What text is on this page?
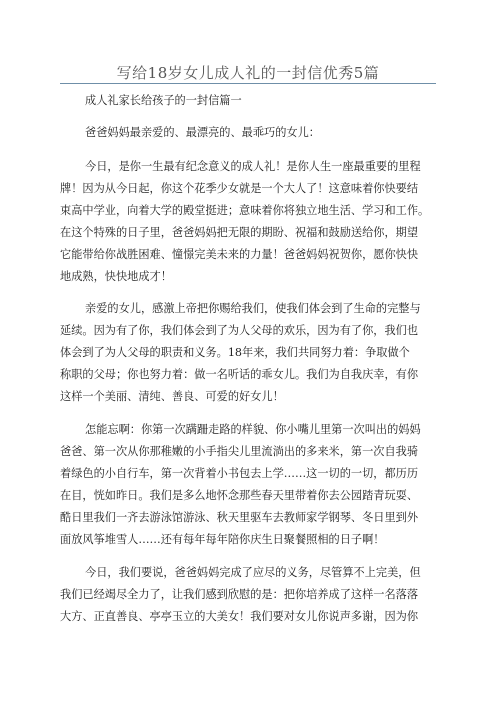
写给18岁女儿成人礼的一封信优秀5篇
成人礼家长给孩子的一封信篇一
爸爸妈妈最亲爱的、最漂亮的、最乖巧的女儿：
今日，是你一生最有纪念意义的成人礼！是你人生一座最重要的里程
牌！因为从今日起，你这个花季少女就是一个大人了！这意味着你快要结
束高中学业，向着大学的殿堂挺进；意味着你将独立地生活、学习和工作。
在这个特殊的日子里，爸爸妈妈把无限的期盼、祝福和鼓励送给你，期望
它能带给你战胜困难、憧憬完美未来的力量！爸爸妈妈祝贺你，愿你快快
地成熟，快快地成才！
亲爱的女儿，感激上帝把你赐给我们，使我们体会到了生命的完整与
延续。因为有了你，我们体会到了为人父母的欢乐，因为有了你，我们也
体会到了为人父母的职责和义务。18年来，我们共同努力着：争取做个
称职的父母；你也努力着：做一名听话的乖女儿。我们为自我庆幸，有你
这样一个美丽、清纯、善良、可爱的好女儿！
怎能忘啊：你第一次蹒跚走路的样貌、你小嘴儿里第一次叫出的妈妈
爸爸、第一次从你那稚嫩的小手指尖儿里流淌出的多来米，第一次自我骑
着绿色的小自行车，第一次背着小书包去上学……这一切的一切，都历历
在目，恍如昨日。我们是多么地怀念那些春天里带着你去公园踏青玩耍、
酷日里我们一齐去游泳馆游泳、秋天里驱车去教师家学钢琴、冬日里到外
面放风筝堆雪人……还有每年每年陪你庆生日聚餐照相的日子啊！
今日，我们要说，爸爸妈妈完成了应尽的义务，尽管算不上完美，但
我们已经竭尽全力了，让我们感到欣慰的是：把你培养成了这样一名落落
大方、正直善良、亭亭玉立的大美女！我们要对女儿你说声多谢，因为你
